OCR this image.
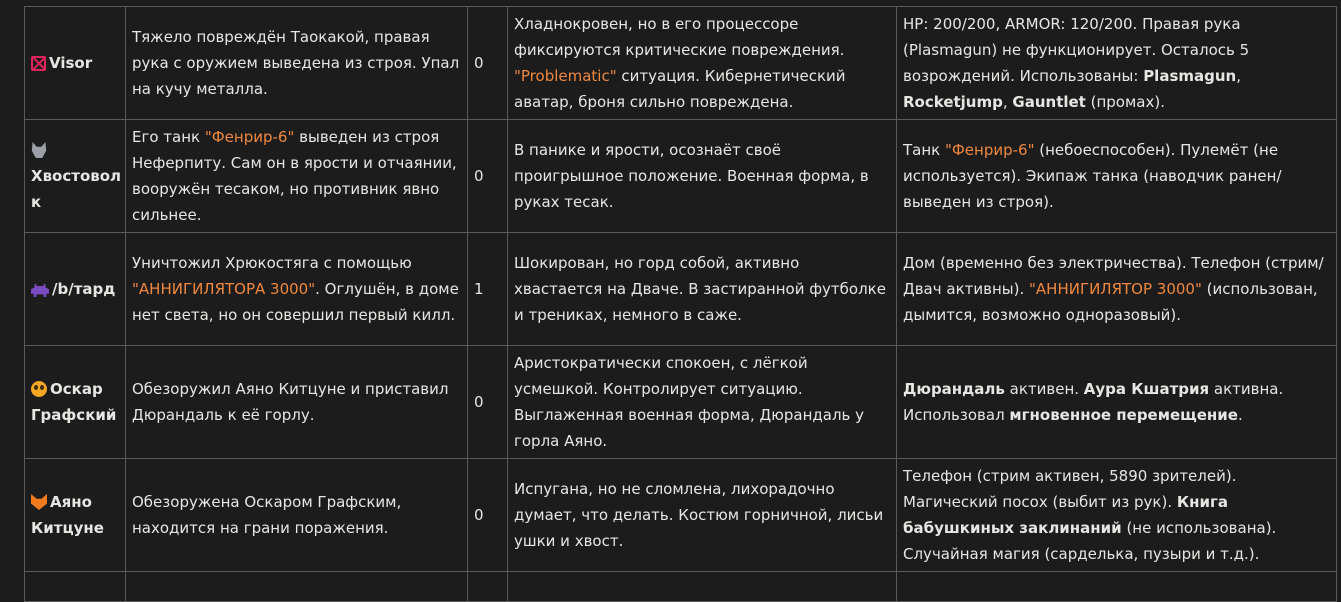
Visor	Тяжело повреждён Таокакой, правая рука с оружием выведена из строя. Упал на кучу металла.	0	Хладнокровен, но в его процессоре фиксируются критические повреждения. "Problematic" ситуация. Кибернетический аватар, броня сильно повреждена.	HP: 200/200, ARMOR: 120/200. Правая рука (Plasmagun) не функционирует. Осталось 5 возрождений. Использованы: Plasmagun, Rocketjump, Gauntlet (промах).

Хвостоволк	Его танк "Фенрир-6" выведен из строя Неферпиту. Сам он в ярости и отчаянии, вооружён тесаком, но противник явно сильнее.	0	В панике и ярости, осознаёт своё проигрышное положение. Военная форма, в руках тесак.	Танк "Фенрир-6" (небоеспособен). Пулемёт (не используется). Экипаж танка (наводчик ранен/выведен из строя).
/b/тард	Уничтожил Хрюкостяга с помощью "АННИГИЛЯТОРА 3000". Оглушён, в доме нет света, но он совершил первый килл.	1	Шокирован, но горд собой, активно хвастается на Дваче. В застиранной футболке и трениках, немного в саже.	Дом (временно без электричества). Телефон (стрим/Двач активны). "АННИГИЛЯТОР 3000" (использован, дымится, возможно одноразовый).
Оскар Графский	Обезоружил Аяно Китцуне и приставил Дюрандаль к её горлу.	0	Аристократически спокоен, с лёгкой усмешкой. Контролирует ситуацию. Выглаженная военная форма, Дюрандаль у горла Аяно.	Дюрандаль активен. Аура Кшатрия активна. Использовал мгновенное перемещение.
Аяно Китцуне	Обезоружена Оскаром Графским, находится на грани поражения.	0	Испугана, но не сломлена, лихорадочно думает, что делать. Костюм горничной, лисьи ушки и хвост.	Телефон (стрим активен, 5890 зрителей). Магический посох (выбит из рук). Книга бабушкиных заклинаний (не использована). Случайная магия (сарделька, пузыри и т.д.).
